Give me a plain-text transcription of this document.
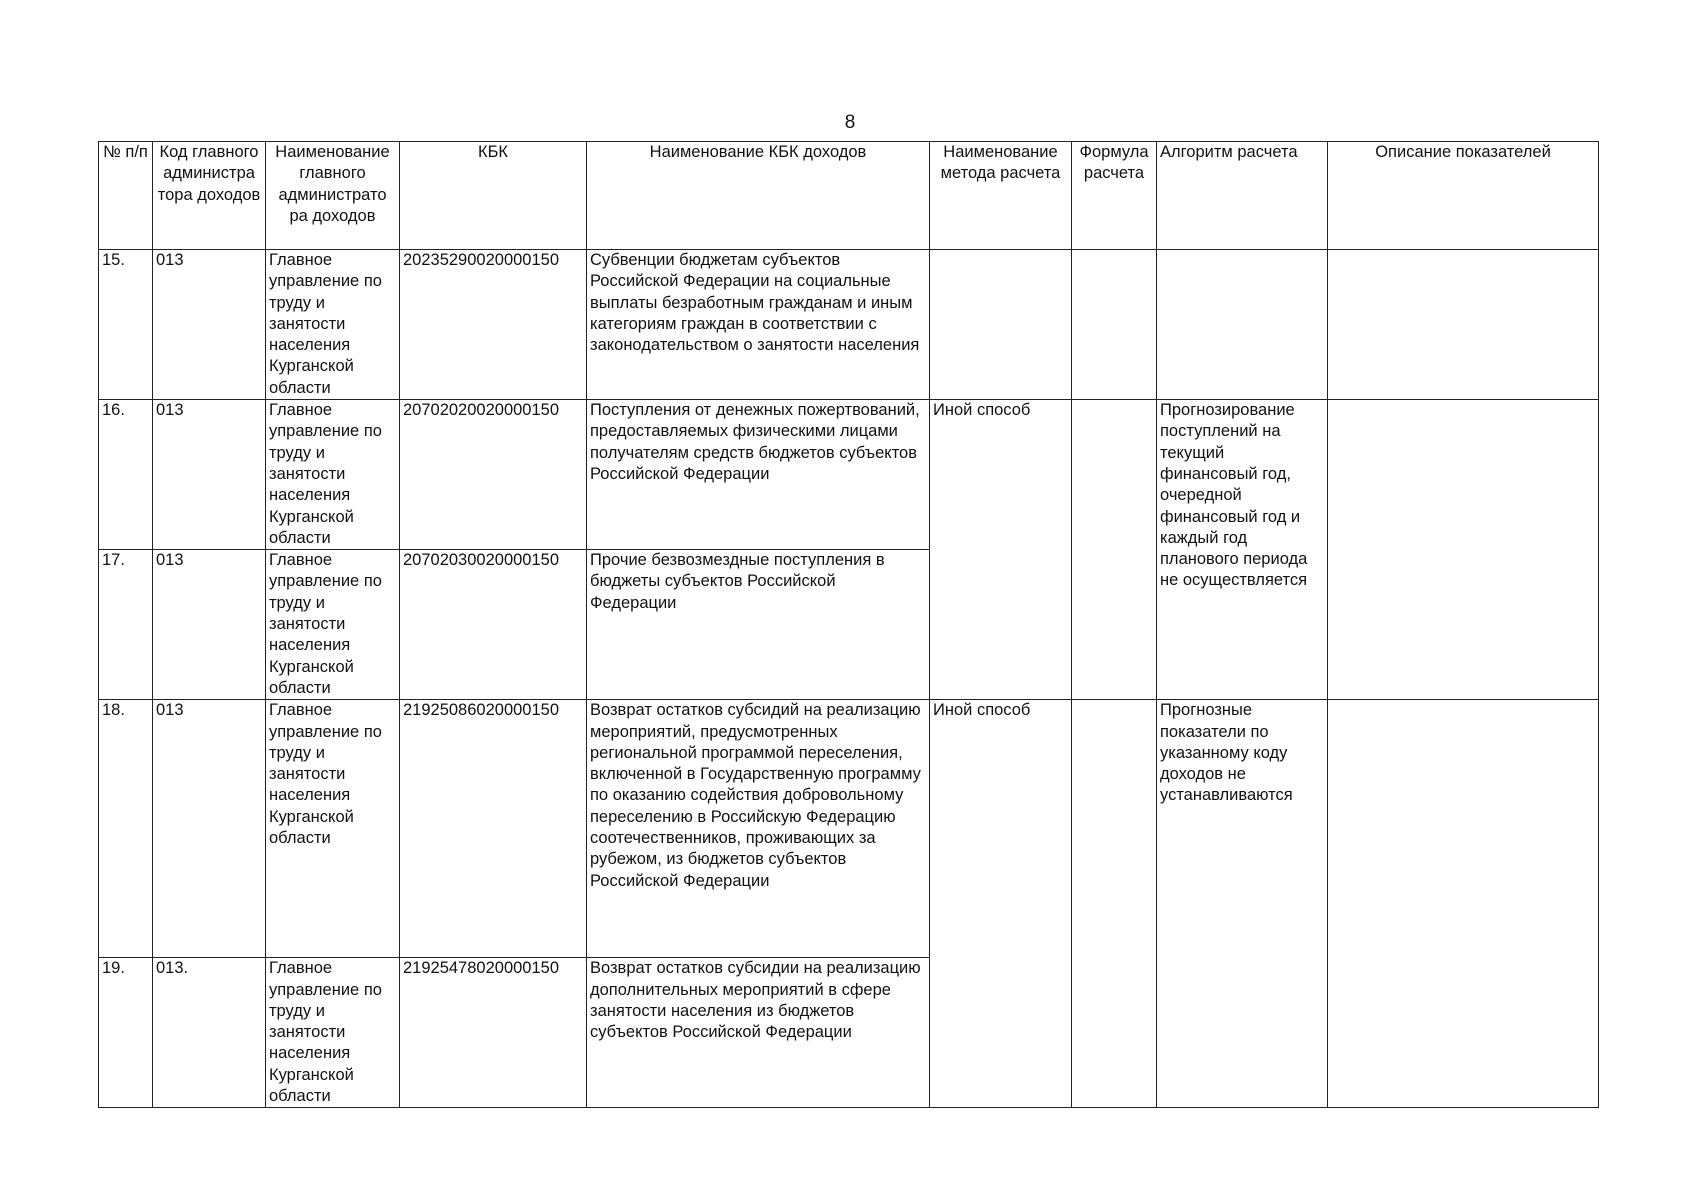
8
№ п/п	Код главного администра тора доходов	Наименование главного администрато ра доходов	КБК	Наименование КБК доходов	Наименование метода расчета	Формула расчета	Алгоритм расчета	Описание показателей
15.	013	Главное управление по труду и занятости населения Курганской области	20235290020000150	Субвенции бюджетам субъектов Российской Федерации на социальные выплаты безработным гражданам и иным категориям граждан в соответствии с законодательством о занятости населения				
16.	013	Главное управление по труду и занятости населения Курганской области	20702020020000150	Поступления от денежных пожертвований, предоставляемых физическими лицами получателям средств бюджетов субъектов Российской Федерации	Иной способ		Прогнозирование поступлений на текущий финансовый год, очередной финансовый год и каждый год планового периода не осуществляется	
17.	013	Главное управление по труду и занятости населения Курганской области	20702030020000150	Прочие безвозмездные поступления в бюджеты субъектов Российской Федерации				
18.	013	Главное управление по труду и занятости населения Курганской области	21925086020000150	Возврат остатков субсидий на реализацию мероприятий, предусмотренных региональной программой переселения, включенной в Государственную программу по оказанию содействия добровольному переселению в Российскую Федерацию соотечественников, проживающих за рубежом, из бюджетов субъектов Российской Федерации	Иной способ		Прогнозные показатели по указанному коду доходов не устанавливаются	
19.	013.	Главное управление по труду и занятости населения Курганской области	21925478020000150	Возврат остатков субсидии на реализацию дополнительных мероприятий в сфере занятости населения из бюджетов субъектов Российской Федерации				
